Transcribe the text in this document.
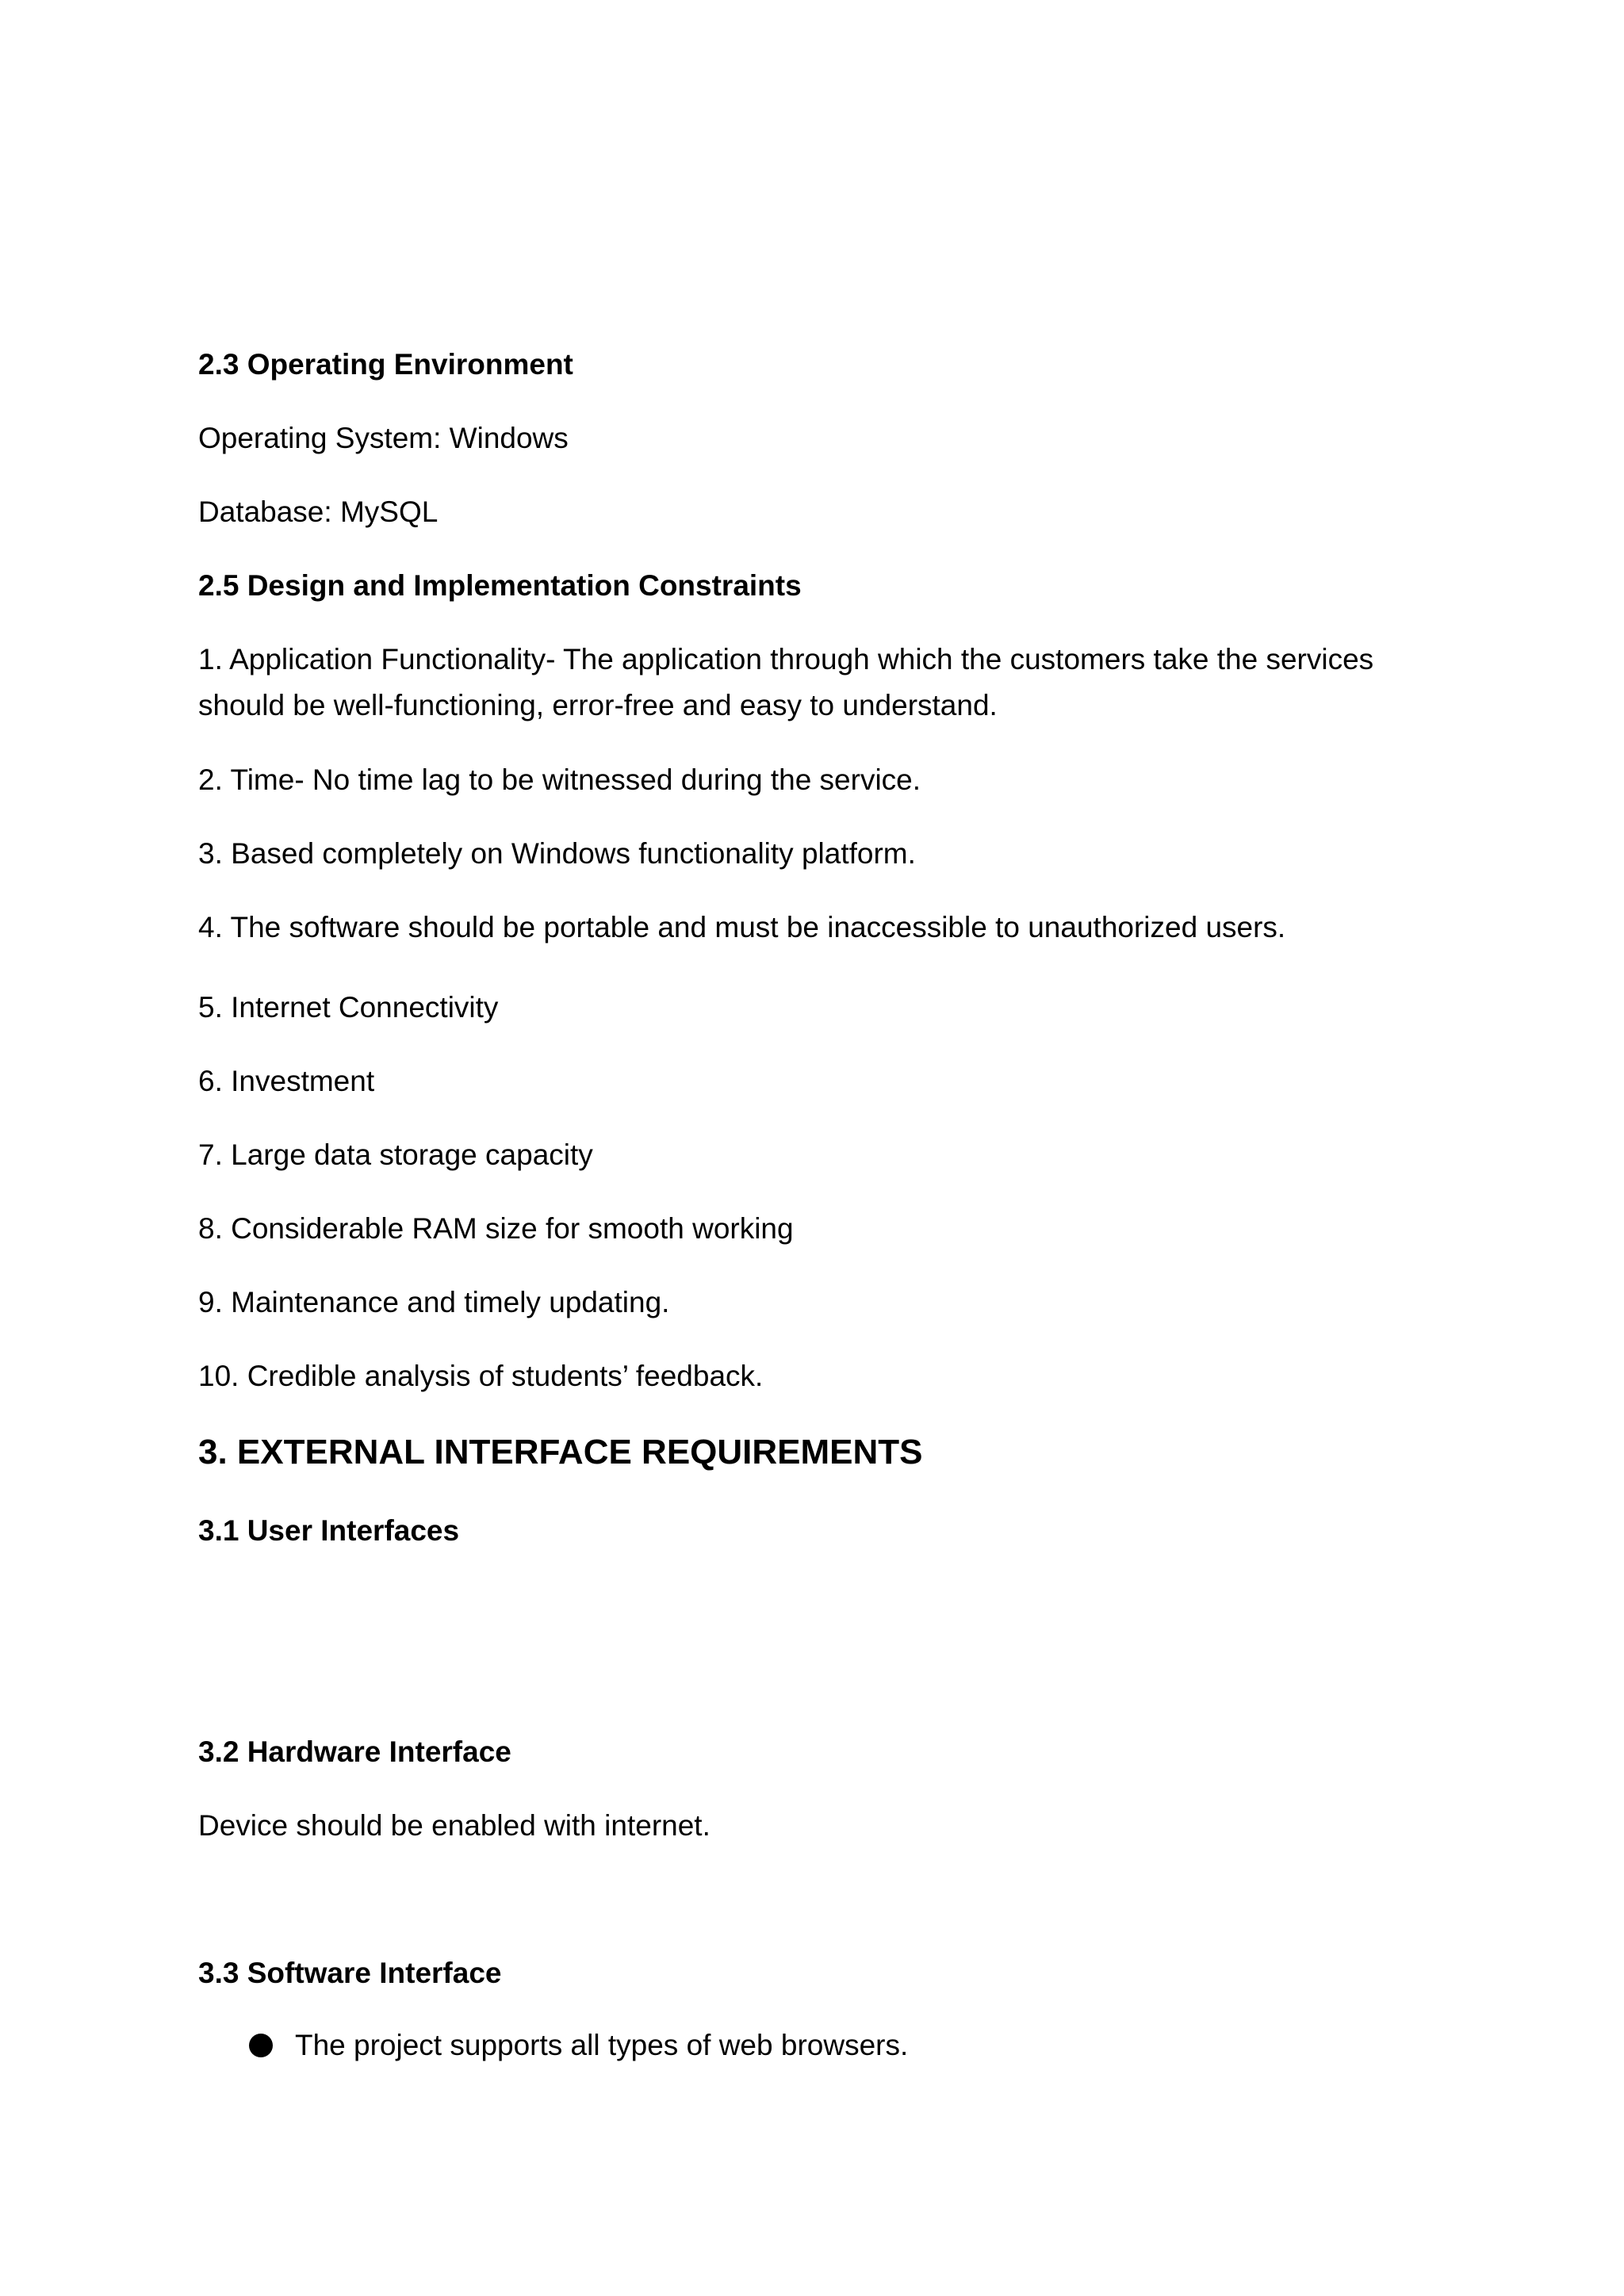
2.3 Operating Environment

Operating System: Windows

Database: MySQL

2.5 Design and Implementation Constraints

1. Application Functionality- The application through which the customers take the services

should be well-functioning, error-free and easy to understand.

2. Time- No time lag to be witnessed during the service.

3. Based completely on Windows functionality platform.

4. The software should be portable and must be inaccessible to unauthorized users.

5. Internet Connectivity

6. Investment

7. Large data storage capacity

8. Considerable RAM size for smooth working

9. Maintenance and timely updating.

10. Credible analysis of students’ feedback.

3. EXTERNAL INTERFACE REQUIREMENTS

3.1 User Interfaces

3.2 Hardware Interface

Device should be enabled with internet.

3.3 Software Interface

The project supports all types of web browsers.
